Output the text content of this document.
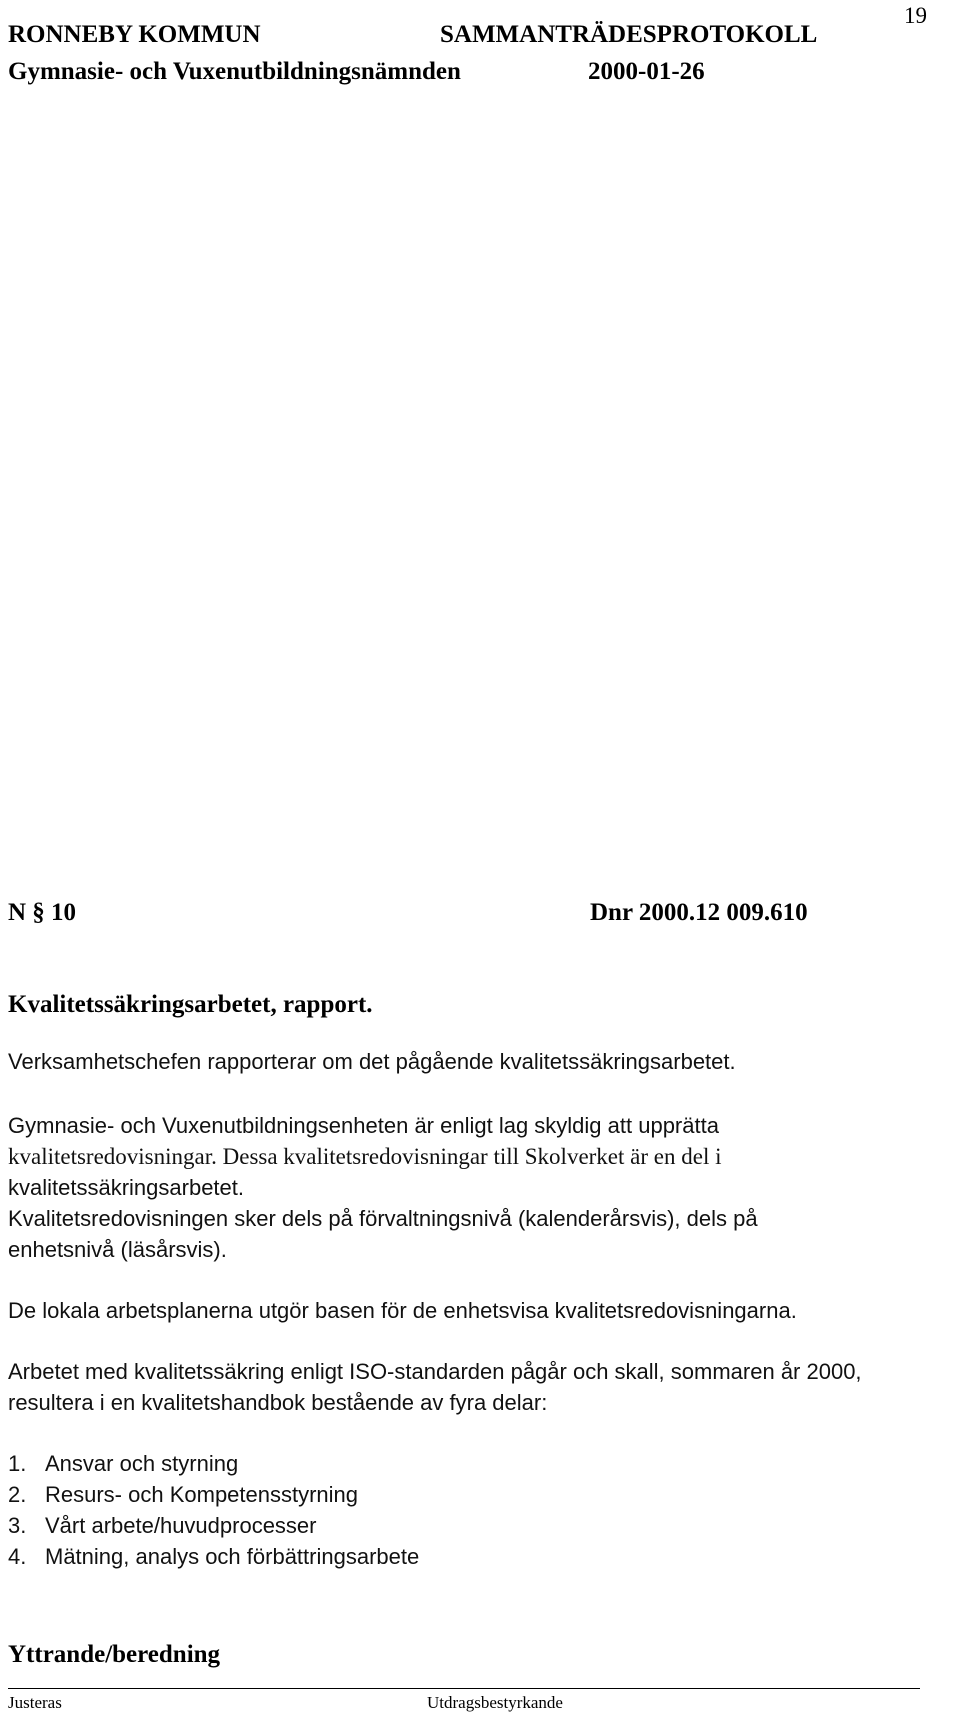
RONNEBY KOMMUN	SAMMANTRÄDESPROTOKOLL
19
Gymnasie- och Vuxenutbildningsnämnden	2000-01-26
N § 10	Dnr 2000.12 009.610
Kvalitetssäkringsarbetet, rapport.
Verksamhetschefen rapporterar om det pågående kvalitetssäkringsarbetet.
Gymnasie- och Vuxenutbildningsenheten är enligt lag skyldig att upprätta
kvalitetsredovisningar. Dessa kvalitetsredovisningar till Skolverket är en del i
kvalitetssäkringsarbetet.
Kvalitetsredovisningen sker dels på förvaltningsnivå (kalenderårsvis), dels på
enhetsnivå (läsårsvis).
De lokala arbetsplanerna utgör basen för de enhetsvisa kvalitetsredovisningarna.
Arbetet med kvalitetssäkring enligt ISO-standarden pågår och skall, sommaren år 2000,
resultera i en kvalitetshandbok bestående av fyra delar:
1. Ansvar och styrning
2. Resurs- och Kompetensstyrning
3. Vårt arbete/huvudprocesser
4. Mätning, analys och förbättringsarbete
Yttrande/beredning
Justeras	Utdragsbestyrkande
